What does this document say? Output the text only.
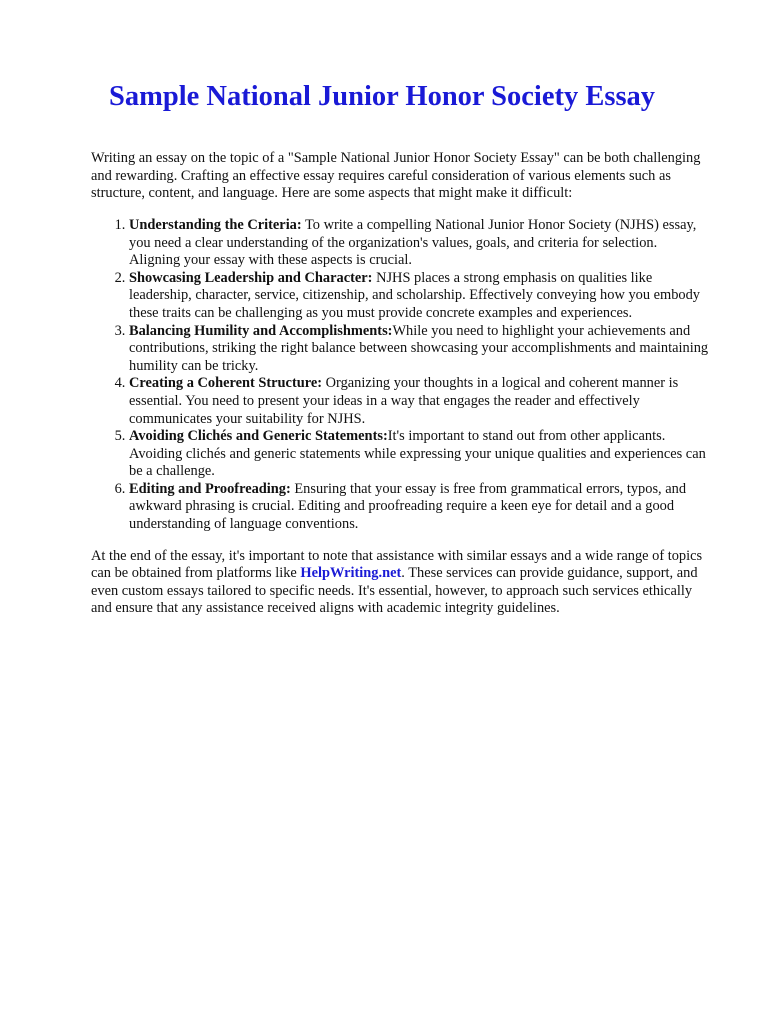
Sample National Junior Honor Society Essay

Writing an essay on the topic of a "Sample National Junior Honor Society Essay" can be both challenging and rewarding. Crafting an effective essay requires careful consideration of various elements such as structure, content, and language. Here are some aspects that might make it difficult:

1. Understanding the Criteria: To write a compelling National Junior Honor Society (NJHS) essay, you need a clear understanding of the organization's values, goals, and criteria for selection. Aligning your essay with these aspects is crucial.
2. Showcasing Leadership and Character: NJHS places a strong emphasis on qualities like leadership, character, service, citizenship, and scholarship. Effectively conveying how you embody these traits can be challenging as you must provide concrete examples and experiences.
3. Balancing Humility and Accomplishments:While you need to highlight your achievements and contributions, striking the right balance between showcasing your accomplishments and maintaining humility can be tricky.
4. Creating a Coherent Structure: Organizing your thoughts in a logical and coherent manner is essential. You need to present your ideas in a way that engages the reader and effectively communicates your suitability for NJHS.
5. Avoiding Clichés and Generic Statements:It's important to stand out from other applicants. Avoiding clichés and generic statements while expressing your unique qualities and experiences can be a challenge.
6. Editing and Proofreading: Ensuring that your essay is free from grammatical errors, typos, and awkward phrasing is crucial. Editing and proofreading require a keen eye for detail and a good understanding of language conventions.

At the end of the essay, it's important to note that assistance with similar essays and a wide range of topics can be obtained from platforms like HelpWriting.net. These services can provide guidance, support, and even custom essays tailored to specific needs. It's essential, however, to approach such services ethically and ensure that any assistance received aligns with academic integrity guidelines.
